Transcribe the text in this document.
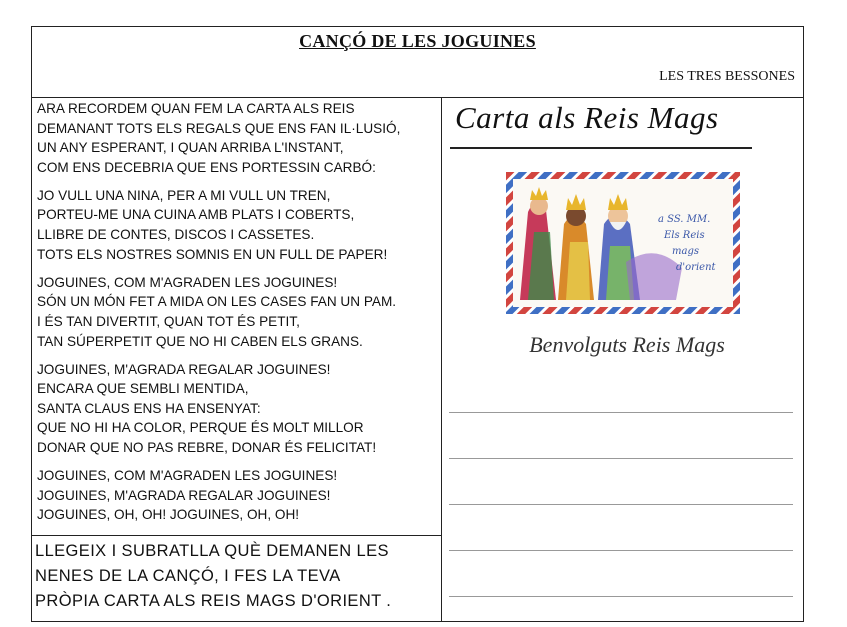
CANÇÓ DE LES JOGUINES
LES TRES BESSONES
ARA RECORDEM QUAN FEM LA CARTA ALS REIS
DEMANANT TOTS ELS REGALS QUE ENS FAN IL·LUSIÓ,
UN ANY ESPERANT, I QUAN ARRIBA L'INSTANT,
COM ENS DECEBRIA QUE ENS PORTESSIN CARBÓ:
JO VULL UNA NINA, PER A MI VULL UN TREN,
PORTEU-ME UNA CUINA AMB PLATS I COBERTS,
LLIBRE DE CONTES, DISCOS I CASSETES.
TOTS ELS NOSTRES SOMNIS EN UN FULL DE PAPER!
JOGUINES, COM M'AGRADEN LES JOGUINES!
SÓN UN MÓN FET A MIDA ON LES CASES FAN UN PAM.
I ÉS TAN DIVERTIT, QUAN TOT ÉS PETIT,
TAN SÚPERPETIT QUE NO HI CABEN ELS GRANS.
JOGUINES, M'AGRADA REGALAR JOGUINES!
ENCARA QUE SEMBLI MENTIDA,
SANTA CLAUS ENS HA ENSENYAT:
QUE NO HI HA COLOR, PERQUE ÉS MOLT MILLOR
DONAR QUE NO PAS REBRE, DONAR ÉS FELICITAT!
JOGUINES, COM M'AGRADEN LES JOGUINES!
JOGUINES, M'AGRADA REGALAR JOGUINES!
JOGUINES, OH, OH! JOGUINES, OH, OH!
LLEGEIX I SUBRATLLA QUÈ DEMANEN LES
NENES DE LA CANÇÓ, I FES LA TEVA
PRÒPIA CARTA ALS REIS MAGS D'ORIENT .
Carta als Reis Mags
a SS. MM.
Els Reis
mags
d'orient
Benvolguts Reis Mags
